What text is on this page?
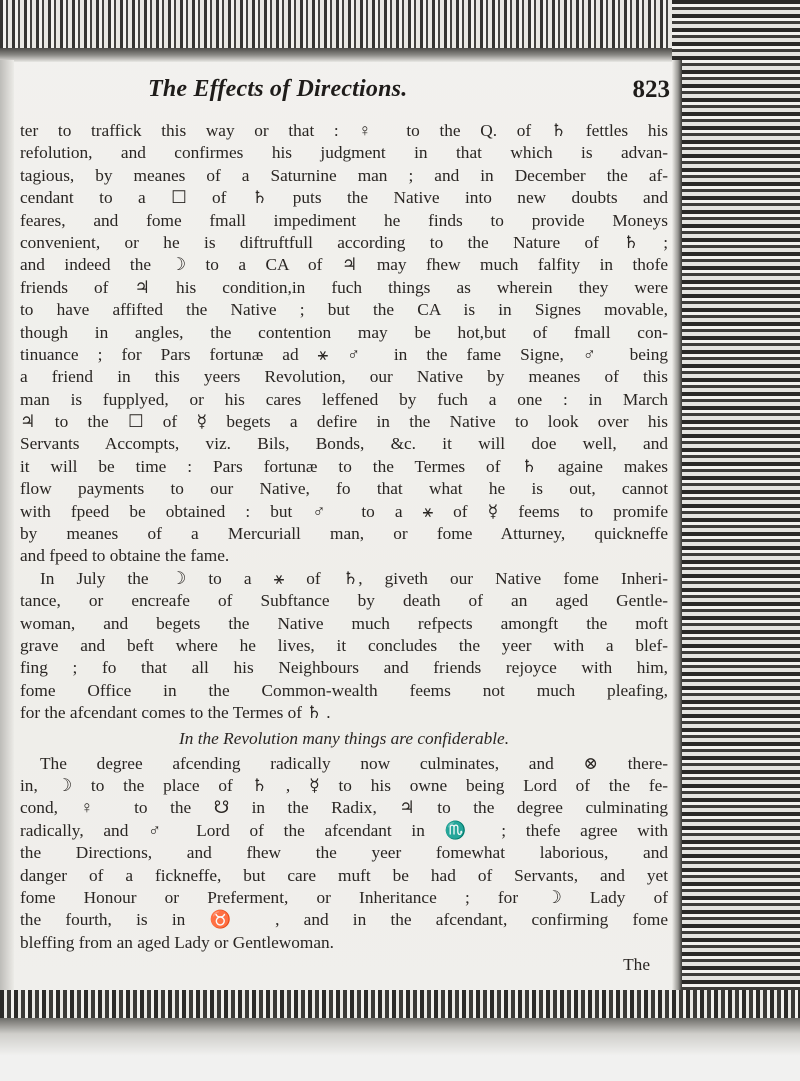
The Effects of Directions.	823
ter to traffick this way or that : ♀ to the Q. of ♄ fettles his
refolution, and confirmes his judgment in that which is advan-
tagious, by meanes of a Saturnine man ; and in December the af-
cendant to a ☐ of ♄ puts the Native into new doubts and
feares, and fome fmall impediment he finds to provide Moneys
convenient, or he is diftruftfull according to the Nature of ♄ ;
and indeed the ☽ to a CA of ♃ may fhew much falfity in thofe
friends of ♃ his condition,in fuch things as wherein they were
to have affifted the Native ; but the CA is in Signes movable,
though in angles, the contention may be hot,but of fmall con-
tinuance ; for Pars fortunæ ad ⚹ ♂ in the fame Signe, ♂ being
a friend in this yeers Revolution, our Native by meanes of this
man is fupplyed, or his cares leffened by fuch a one : in March
♃ to the ☐ of ☿ begets a defire in the Native to look over his
Servants Accompts, viz. Bils, Bonds, &c. it will doe well, and
it will be time : Pars fortunæ to the Termes of ♄ againe makes
flow payments to our Native, fo that what he is out, cannot
with fpeed be obtained : but ♂ to a ⚹ of ☿ feems to promife
by meanes of a Mercuriall man, or fome Atturney, quickneffe
and fpeed to obtaine the fame.
In July the ☽ to a ⚹ of ♄, giveth our Native fome Inheri-
tance, or encreafe of Subftance by death of an aged Gentle-
woman, and begets the Native much refpects amongft the moft
grave and beft where he lives, it concludes the yeer with a blef-
fing ; fo that all his Neighbours and friends rejoyce with him,
fome Office in the Common-wealth feems not much pleafing,
for the afcendant comes to the Termes of ♄ .
In the Revolution many things are confiderable.
The degree afcending radically now culminates, and ⊗ there-
in, ☽ to the place of ♄ , ☿ to his owne being Lord of the fe-
cond, ♀ to the ☋ in the Radix, ♃ to the degree culminating
radically, and ♂ Lord of the afcendant in ♏ ; thefe agree with
the Directions, and fhew the yeer fomewhat laborious, and
danger of a fickneffe, but care muft be had of Servants, and yet
fome Honour or Preferment, or Inheritance ; for ☽ Lady of
the fourth, is in ♉ , and in the afcendant, confirming fome
bleffing from an aged Lady or Gentlewoman.
The
